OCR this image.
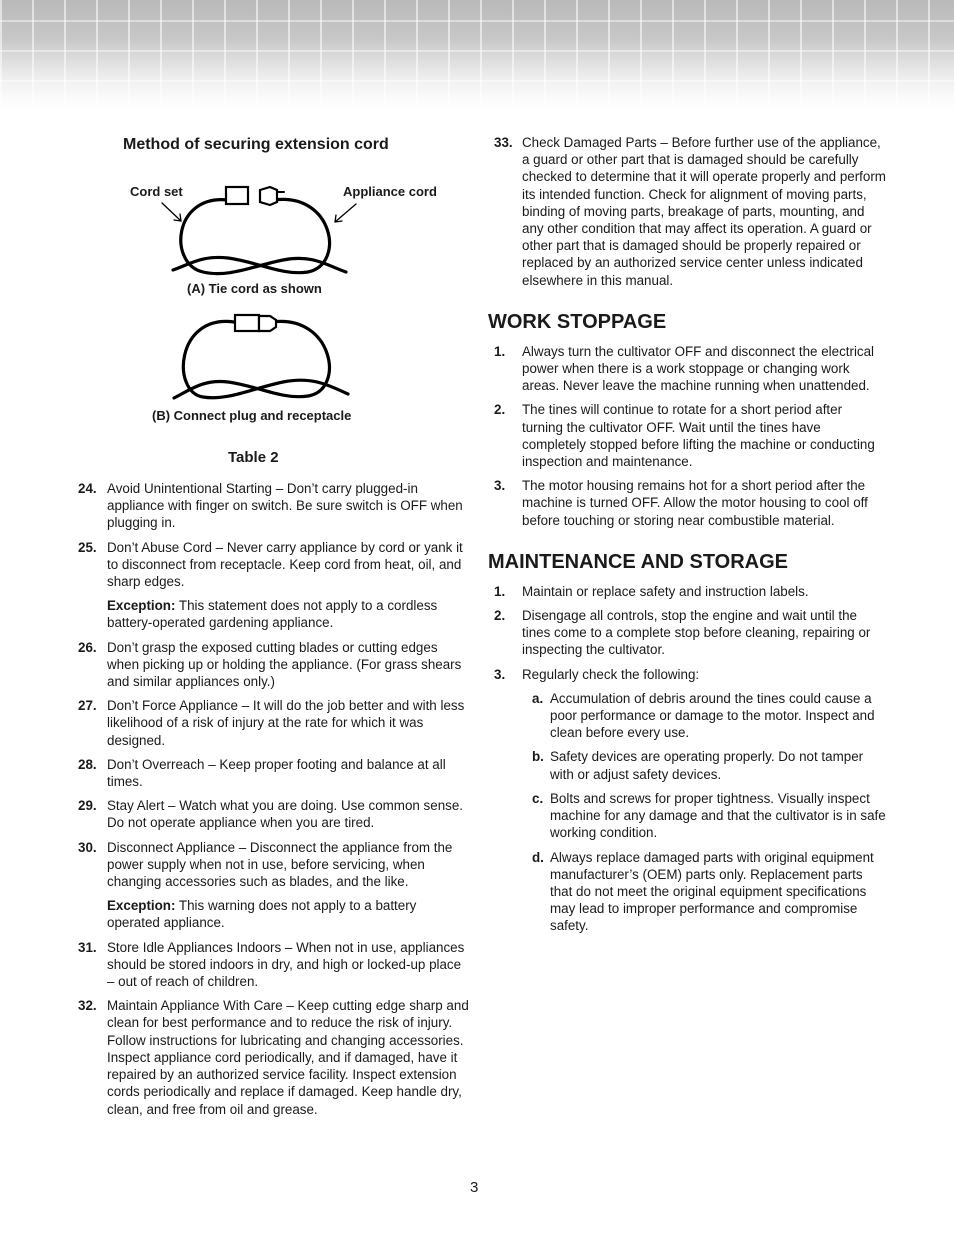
Method of securing extension cord
Cord set	Appliance cord
(A) Tie cord as shown
(B) Connect plug and receptacle
Table 2
24. Avoid Unintentional Starting – Don’t carry plugged-in appliance with finger on switch. Be sure switch is OFF when plugging in.
25. Don’t Abuse Cord – Never carry appliance by cord or yank it to disconnect from receptacle. Keep cord from heat, oil, and sharp edges.
Exception: This statement does not apply to a cordless battery-operated gardening appliance.
26. Don’t grasp the exposed cutting blades or cutting edges when picking up or holding the appliance. (For grass shears and similar appliances only.)
27. Don’t Force Appliance – It will do the job better and with less likelihood of a risk of injury at the rate for which it was designed.
28. Don’t Overreach – Keep proper footing and balance at all times.
29. Stay Alert – Watch what you are doing. Use common sense. Do not operate appliance when you are tired.
30. Disconnect Appliance – Disconnect the appliance from the power supply when not in use, before servicing, when changing accessories such as blades, and the like.
Exception: This warning does not apply to a battery operated appliance.
31. Store Idle Appliances Indoors – When not in use, appliances should be stored indoors in dry, and high or locked-up place – out of reach of children.
32. Maintain Appliance With Care – Keep cutting edge sharp and clean for best performance and to reduce the risk of injury. Follow instructions for lubricating and changing accessories. Inspect appliance cord periodically, and if damaged, have it repaired by an authorized service facility. Inspect extension cords periodically and replace if damaged. Keep handle dry, clean, and free from oil and grease.
33. Check Damaged Parts – Before further use of the appliance, a guard or other part that is damaged should be carefully checked to determine that it will operate properly and perform its intended function. Check for alignment of moving parts, binding of moving parts, breakage of parts, mounting, and any other condition that may affect its operation. A guard or other part that is damaged should be properly repaired or replaced by an authorized service center unless indicated elsewhere in this manual.
WORK STOPPAGE
1. Always turn the cultivator OFF and disconnect the electrical power when there is a work stoppage or changing work areas. Never leave the machine running when unattended.
2. The tines will continue to rotate for a short period after turning the cultivator OFF. Wait until the tines have completely stopped before lifting the machine or conducting inspection and maintenance.
3. The motor housing remains hot for a short period after the machine is turned OFF. Allow the motor housing to cool off before touching or storing near combustible material.
MAINTENANCE AND STORAGE
1. Maintain or replace safety and instruction labels.
2. Disengage all controls, stop the engine and wait until the tines come to a complete stop before cleaning, repairing or inspecting the cultivator.
3. Regularly check the following:
a. Accumulation of debris around the tines could cause a poor performance or damage to the motor. Inspect and clean before every use.
b. Safety devices are operating properly. Do not tamper with or adjust safety devices.
c. Bolts and screws for proper tightness. Visually inspect machine for any damage and that the cultivator is in safe working condition.
d. Always replace damaged parts with original equipment manufacturer’s (OEM) parts only. Replacement parts that do not meet the original equipment specifications may lead to improper performance and compromise safety.
3
